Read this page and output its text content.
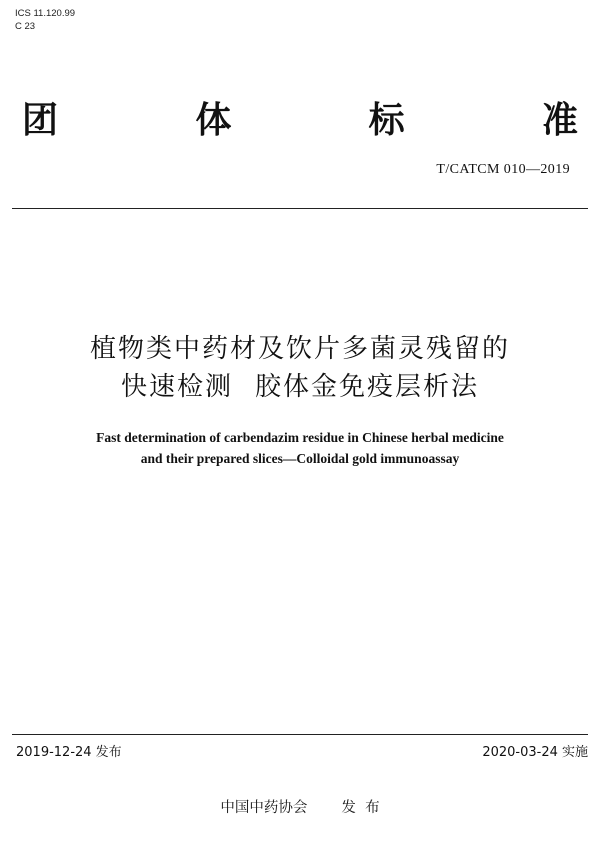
ICS 11.120.99
C 23
团	体	标	准
T/CATCM 010—2019
植物类中药材及饮片多菌灵残留的
快速检测 胶体金免疫层析法
Fast determination of carbendazim residue in Chinese herbal medicine
and their prepared slices—Colloidal gold immunoassay
2019-12-24 发布	2020-03-24 实施
中国中药协会 发  布
